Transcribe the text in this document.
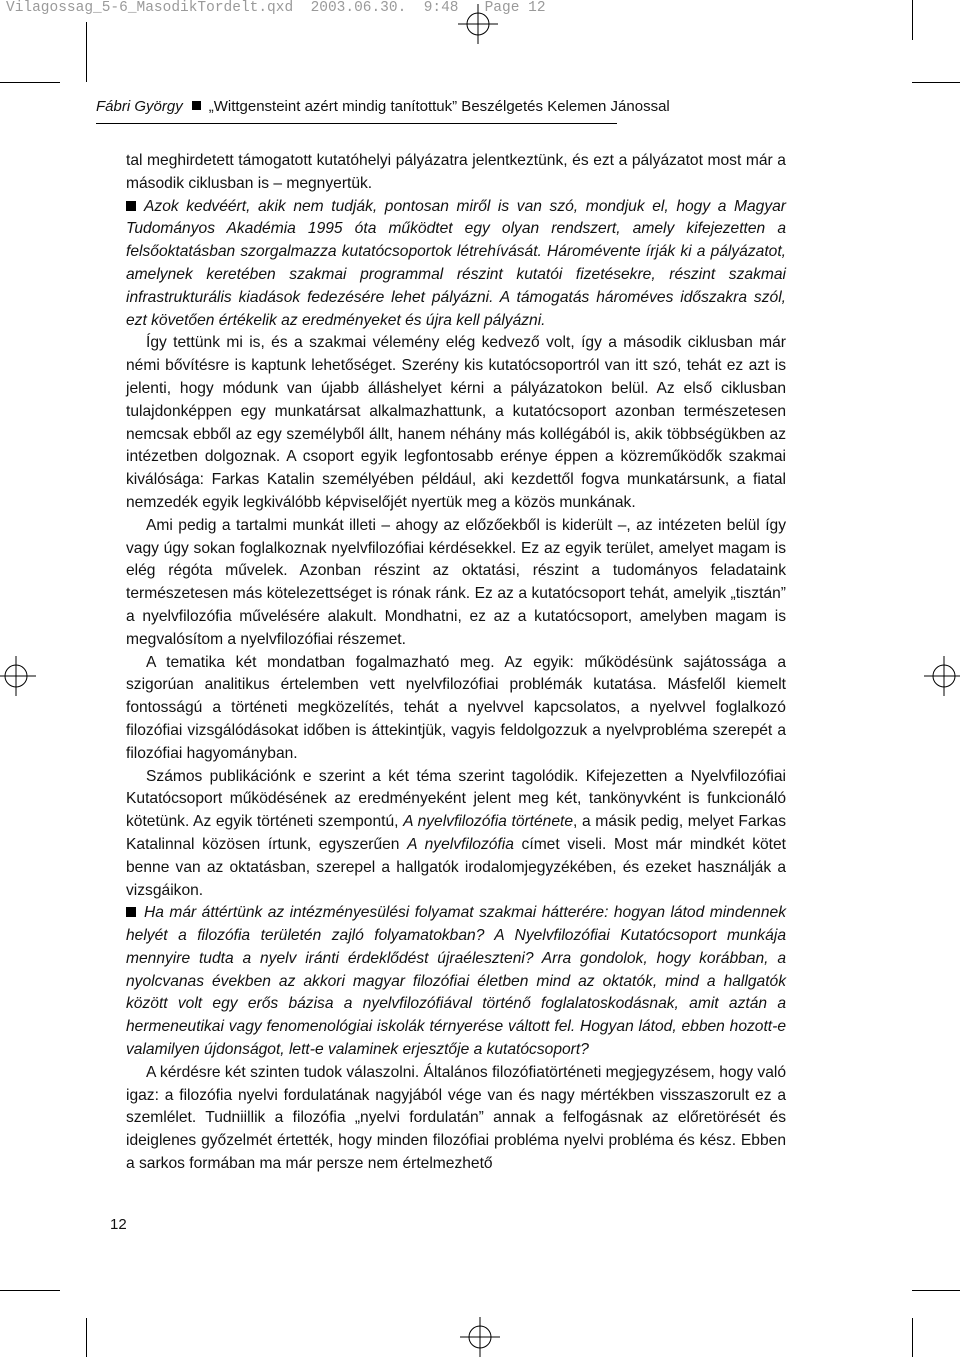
Vilagossag_5-6_MasodikTordelt.qxd 2003.06.30. 9:48 Page 12
Fábri György „Wittgensteint azért mindig tanítottuk” Beszélgetés Kelemen Jánossal

tal meghirdetett támogatott kutatóhelyi pályázatra jelentkeztünk, és ezt a pályázatot most már a második ciklusban is – megnyertük.

Azok kedvéért, akik nem tudják, pontosan miről is van szó, mondjuk el, hogy a Magyar Tudományos Akadémia 1995 óta működtet egy olyan rendszert, amely kifejezetten a felsőoktatásban szorgalmazza kutatócsoportok létrehívását. Háromévente írják ki a pályázatot, amelynek keretében szakmai programmal részint kutatói fizetésekre, részint szakmai infrastrukturális kiadások fedezésére lehet pályázni. A támogatás hároméves időszakra szól, ezt követően értékelik az eredményeket és újra kell pályázni.

Így tettünk mi is, és a szakmai vélemény elég kedvező volt, így a második ciklusban már némi bővítésre is kaptunk lehetőséget. Szerény kis kutatócsoportról van itt szó, tehát ez azt is jelenti, hogy módunk van újabb álláshelyet kérni a pályázatokon belül. Az első ciklusban tulajdonképpen egy munkatársat alkalmazhattunk, a kutatócsoport azonban természetesen nemcsak ebből az egy személyből állt, hanem néhány más kollégából is, akik többségükben az intézetben dolgoznak. A csoport egyik legfontosabb erénye éppen a közreműködők szakmai kiválósága: Farkas Katalin személyében például, aki kezdettől fogva munkatársunk, a fiatal nemzedék egyik legkiválóbb képviselőjét nyertük meg a közös munkának.

Ami pedig a tartalmi munkát illeti – ahogy az előzőekből is kiderült –, az intézeten belül így vagy úgy sokan foglalkoznak nyelvfilozófiai kérdésekkel. Ez az egyik terület, amelyet magam is elég régóta művelek. Azonban részint az oktatási, részint a tudományos feladataink természetesen más kötelezettséget is rónak ránk. Ez az a kutatócsoport tehát, amelyik „tisztán” a nyelvfilozófia művelésére alakult. Mondhatni, ez az a kutatócsoport, amelyben magam is megvalósítom a nyelvfilozófiai részemet.

A tematika két mondatban fogalmazható meg. Az egyik: működésünk sajátossága a szigorúan analitikus értelemben vett nyelvfilozófiai problémák kutatása. Másfelől kiemelt fontosságú a történeti megközelítés, tehát a nyelvvel kapcsolatos, a nyelvvel foglalkozó filozófiai vizsgálódásokat időben is áttekintjük, vagyis feldolgozzuk a nyelvprobléma szerepét a filozófiai hagyományban.

Számos publikációnk e szerint a két téma szerint tagolódik. Kifejezetten a Nyelvfilozófiai Kutatócsoport működésének az eredményeként jelent meg két, tankönyvként is funkcionáló kötetünk. Az egyik történeti szempontú, A nyelvfilozófia története, a másik pedig, melyet Farkas Katalinnal közösen írtunk, egyszerűen A nyelvfilozófia címet viseli. Most már mindkét kötet benne van az oktatásban, szerepel a hallgatók irodalomjegyzékében, és ezeket használják a vizsgáikon.

Ha már áttértünk az intézményesülési folyamat szakmai hátterére: hogyan látod mindennek helyét a filozófia területén zajló folyamatokban? A Nyelvfilozófiai Kutatócsoport munkája mennyire tudta a nyelv iránti érdeklődést újraéleszteni? Arra gondolok, hogy korábban, a nyolcvanas években az akkori magyar filozófiai életben mind az oktatók, mind a hallgatók között volt egy erős bázisa a nyelvfilozófiával történő foglalatoskodásnak, amit aztán a hermeneutikai vagy fenomenológiai iskolák térnyerése váltott fel. Hogyan látod, ebben hozott-e valamilyen újdonságot, lett-e valaminek erjesztője a kutatócsoport?

A kérdésre két szinten tudok válaszolni. Általános filozófiatörténeti megjegyzésem, hogy való igaz: a filozófia nyelvi fordulatának nagyjából vége van és nagy mértékben visszaszorult ez a szemlélet. Tudniillik a filozófia „nyelvi fordulatán” annak a felfogásnak az előretörését és ideiglenes győzelmét értették, hogy minden filozófiai probléma nyelvi probléma és kész. Ebben a sarkos formában ma már persze nem értelmezhető

12
